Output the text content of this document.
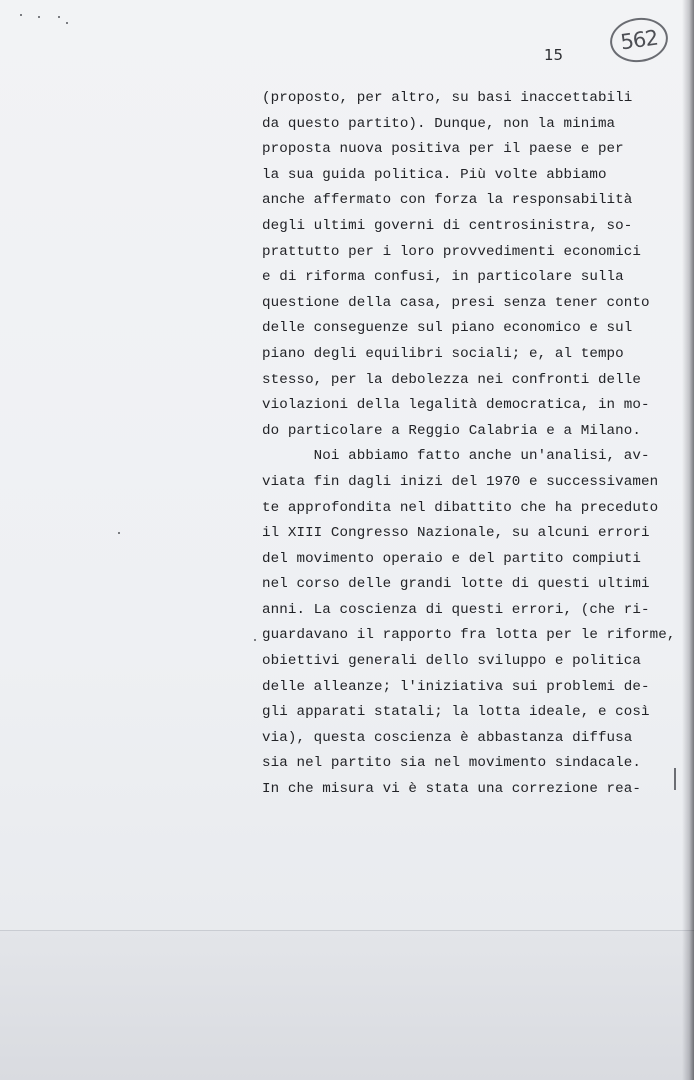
562
15
(proposto, per altro, su basi inaccettabili
da questo partito). Dunque, non la minima
proposta nuova positiva per il paese e per
la sua guida politica. Più volte abbiamo
anche affermato con forza la responsabilità
degli ultimi governi di centrosinistra, so-
prattutto per i loro provvedimenti economici
e di riforma confusi, in particolare sulla
questione della casa, presi senza tener conto
delle conseguenze sul piano economico e sul
piano degli equilibri sociali; e, al tempo
stesso, per la debolezza nei confronti delle
violazioni della legalità democratica, in mo-
do particolare a Reggio Calabria e a Milano.
Noi abbiamo fatto anche un'analisi, av-
viata fin dagli inizi del 1970 e successivamen
te approfondita nel dibattito che ha preceduto
il XIII Congresso Nazionale, su alcuni errori
del movimento operaio e del partito compiuti
nel corso delle grandi lotte di questi ultimi
anni. La coscienza di questi errori, (che ri-
guardavano il rapporto fra lotta per le riforme,
obiettivi generali dello sviluppo e politica
delle alleanze; l'iniziativa sui problemi de-
gli apparati statali; la lotta ideale, e così
via), questa coscienza è abbastanza diffusa
sia nel partito sia nel movimento sindacale.
In che misura vi è stata una correzione rea-
